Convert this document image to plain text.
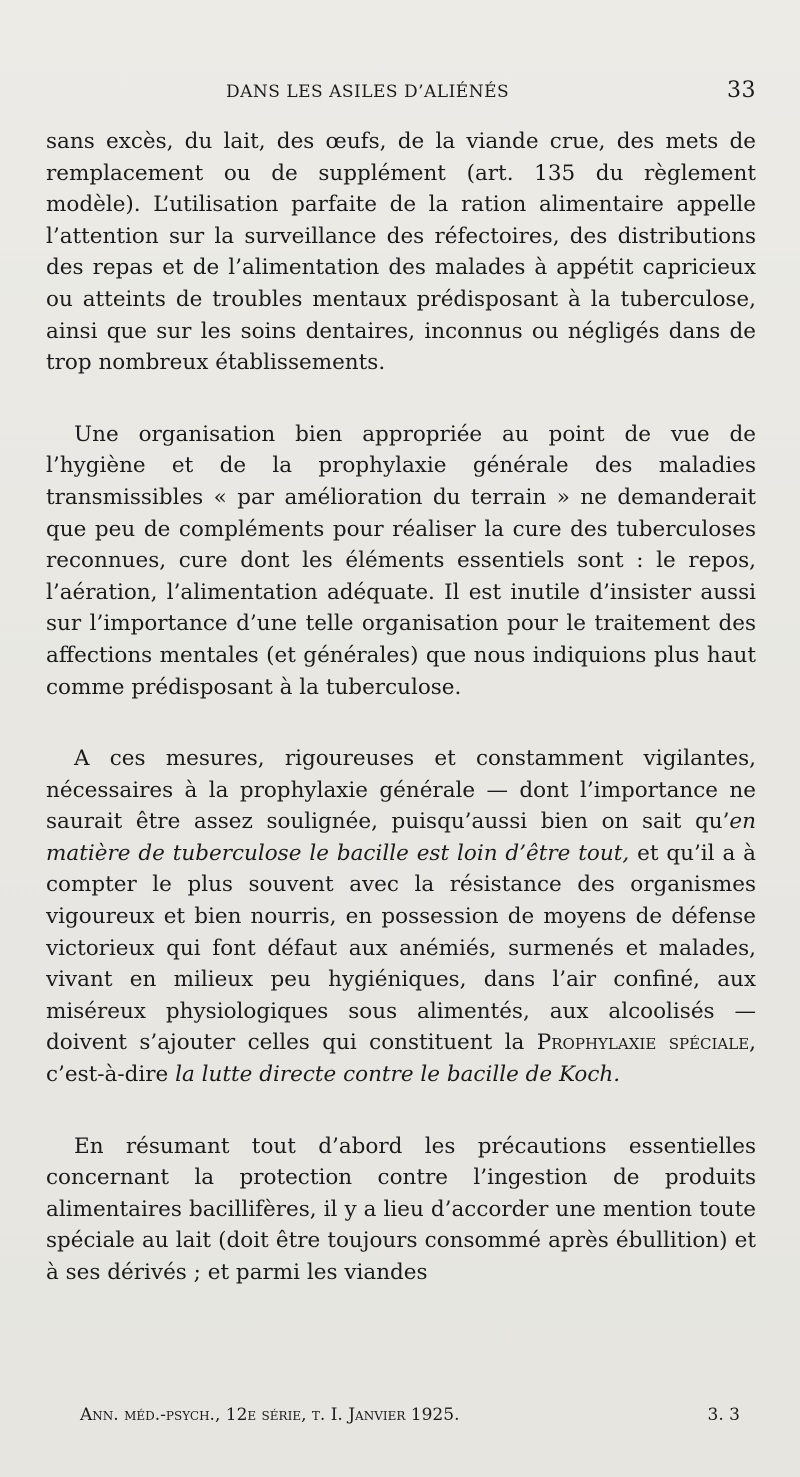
DANS LES ASILES D’ALIÉNÉS	33

sans excès, du lait, des œufs, de la viande crue, des mets de remplacement ou de supplément (art. 135 du règlement modèle). L’utilisation parfaite de la ration alimentaire appelle l’attention sur la surveillance des réfectoires, des distributions des repas et de l’alimentation des malades à appétit capricieux ou atteints de troubles mentaux prédisposant à la tuberculose, ainsi que sur les soins dentaires, inconnus ou négligés dans de trop nombreux établissements.

Une organisation bien appropriée au point de vue de l’hygiène et de la prophylaxie générale des maladies transmissibles « par amélioration du terrain » ne demanderait que peu de compléments pour réaliser la cure des tuberculoses reconnues, cure dont les éléments essentiels sont : le repos, l’aération, l’alimentation adéquate. Il est inutile d’insister aussi sur l’importance d’une telle organisation pour le traitement des affections mentales (et générales) que nous indiquions plus haut comme prédisposant à la tuberculose.

A ces mesures, rigoureuses et constamment vigilantes, nécessaires à la prophylaxie générale — dont l’importance ne saurait être assez soulignée, puisqu’aussi bien on sait qu’en matière de tuberculose le bacille est loin d’être tout, et qu’il a à compter le plus souvent avec la résistance des organismes vigoureux et bien nourris, en possession de moyens de défense victorieux qui font défaut aux anémiés, surmenés et malades, vivant en milieux peu hygiéniques, dans l’air confiné, aux miséreux physiologiques sous alimentés, aux alcoolisés — doivent s’ajouter celles qui constituent la Prophylaxie spéciale, c’est-à-dire la lutte directe contre le bacille de Koch.

En résumant tout d’abord les précautions essentielles concernant la protection contre l’ingestion de produits alimentaires bacillifères, il y a lieu d’accorder une mention toute spéciale au lait (doit être toujours consommé après ébullition) et à ses dérivés ; et parmi les viandes

Ann. méd.-psych., 12e série, t. I. Janvier 1925.	3. 3
